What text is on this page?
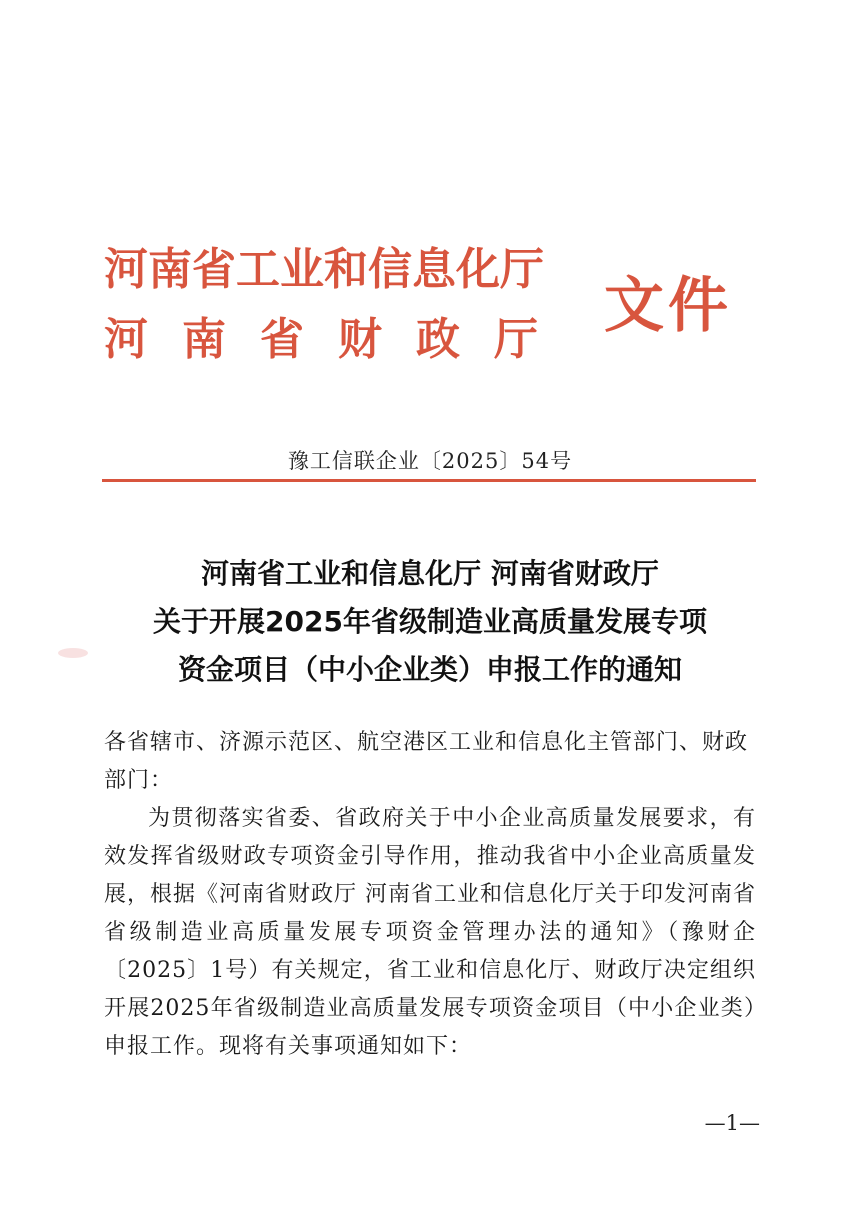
河南省工业和信息化厅
河南省财政厅 文件
豫工信联企业〔2025〕54号
河南省工业和信息化厅 河南省财政厅
关于开展2025年省级制造业高质量发展专项
资金项目（中小企业类）申报工作的通知

各省辖市、济源示范区、航空港区工业和信息化主管部门、财政部门：

为贯彻落实省委、省政府关于中小企业高质量发展要求，有效发挥省级财政专项资金引导作用，推动我省中小企业高质量发展，根据《河南省财政厅 河南省工业和信息化厅关于印发河南省省级制造业高质量发展专项资金管理办法的通知》（豫财企〔2025〕1号）有关规定，省工业和信息化厅、财政厅决定组织开展2025年省级制造业高质量发展专项资金项目（中小企业类）申报工作。现将有关事项通知如下：

—1—
